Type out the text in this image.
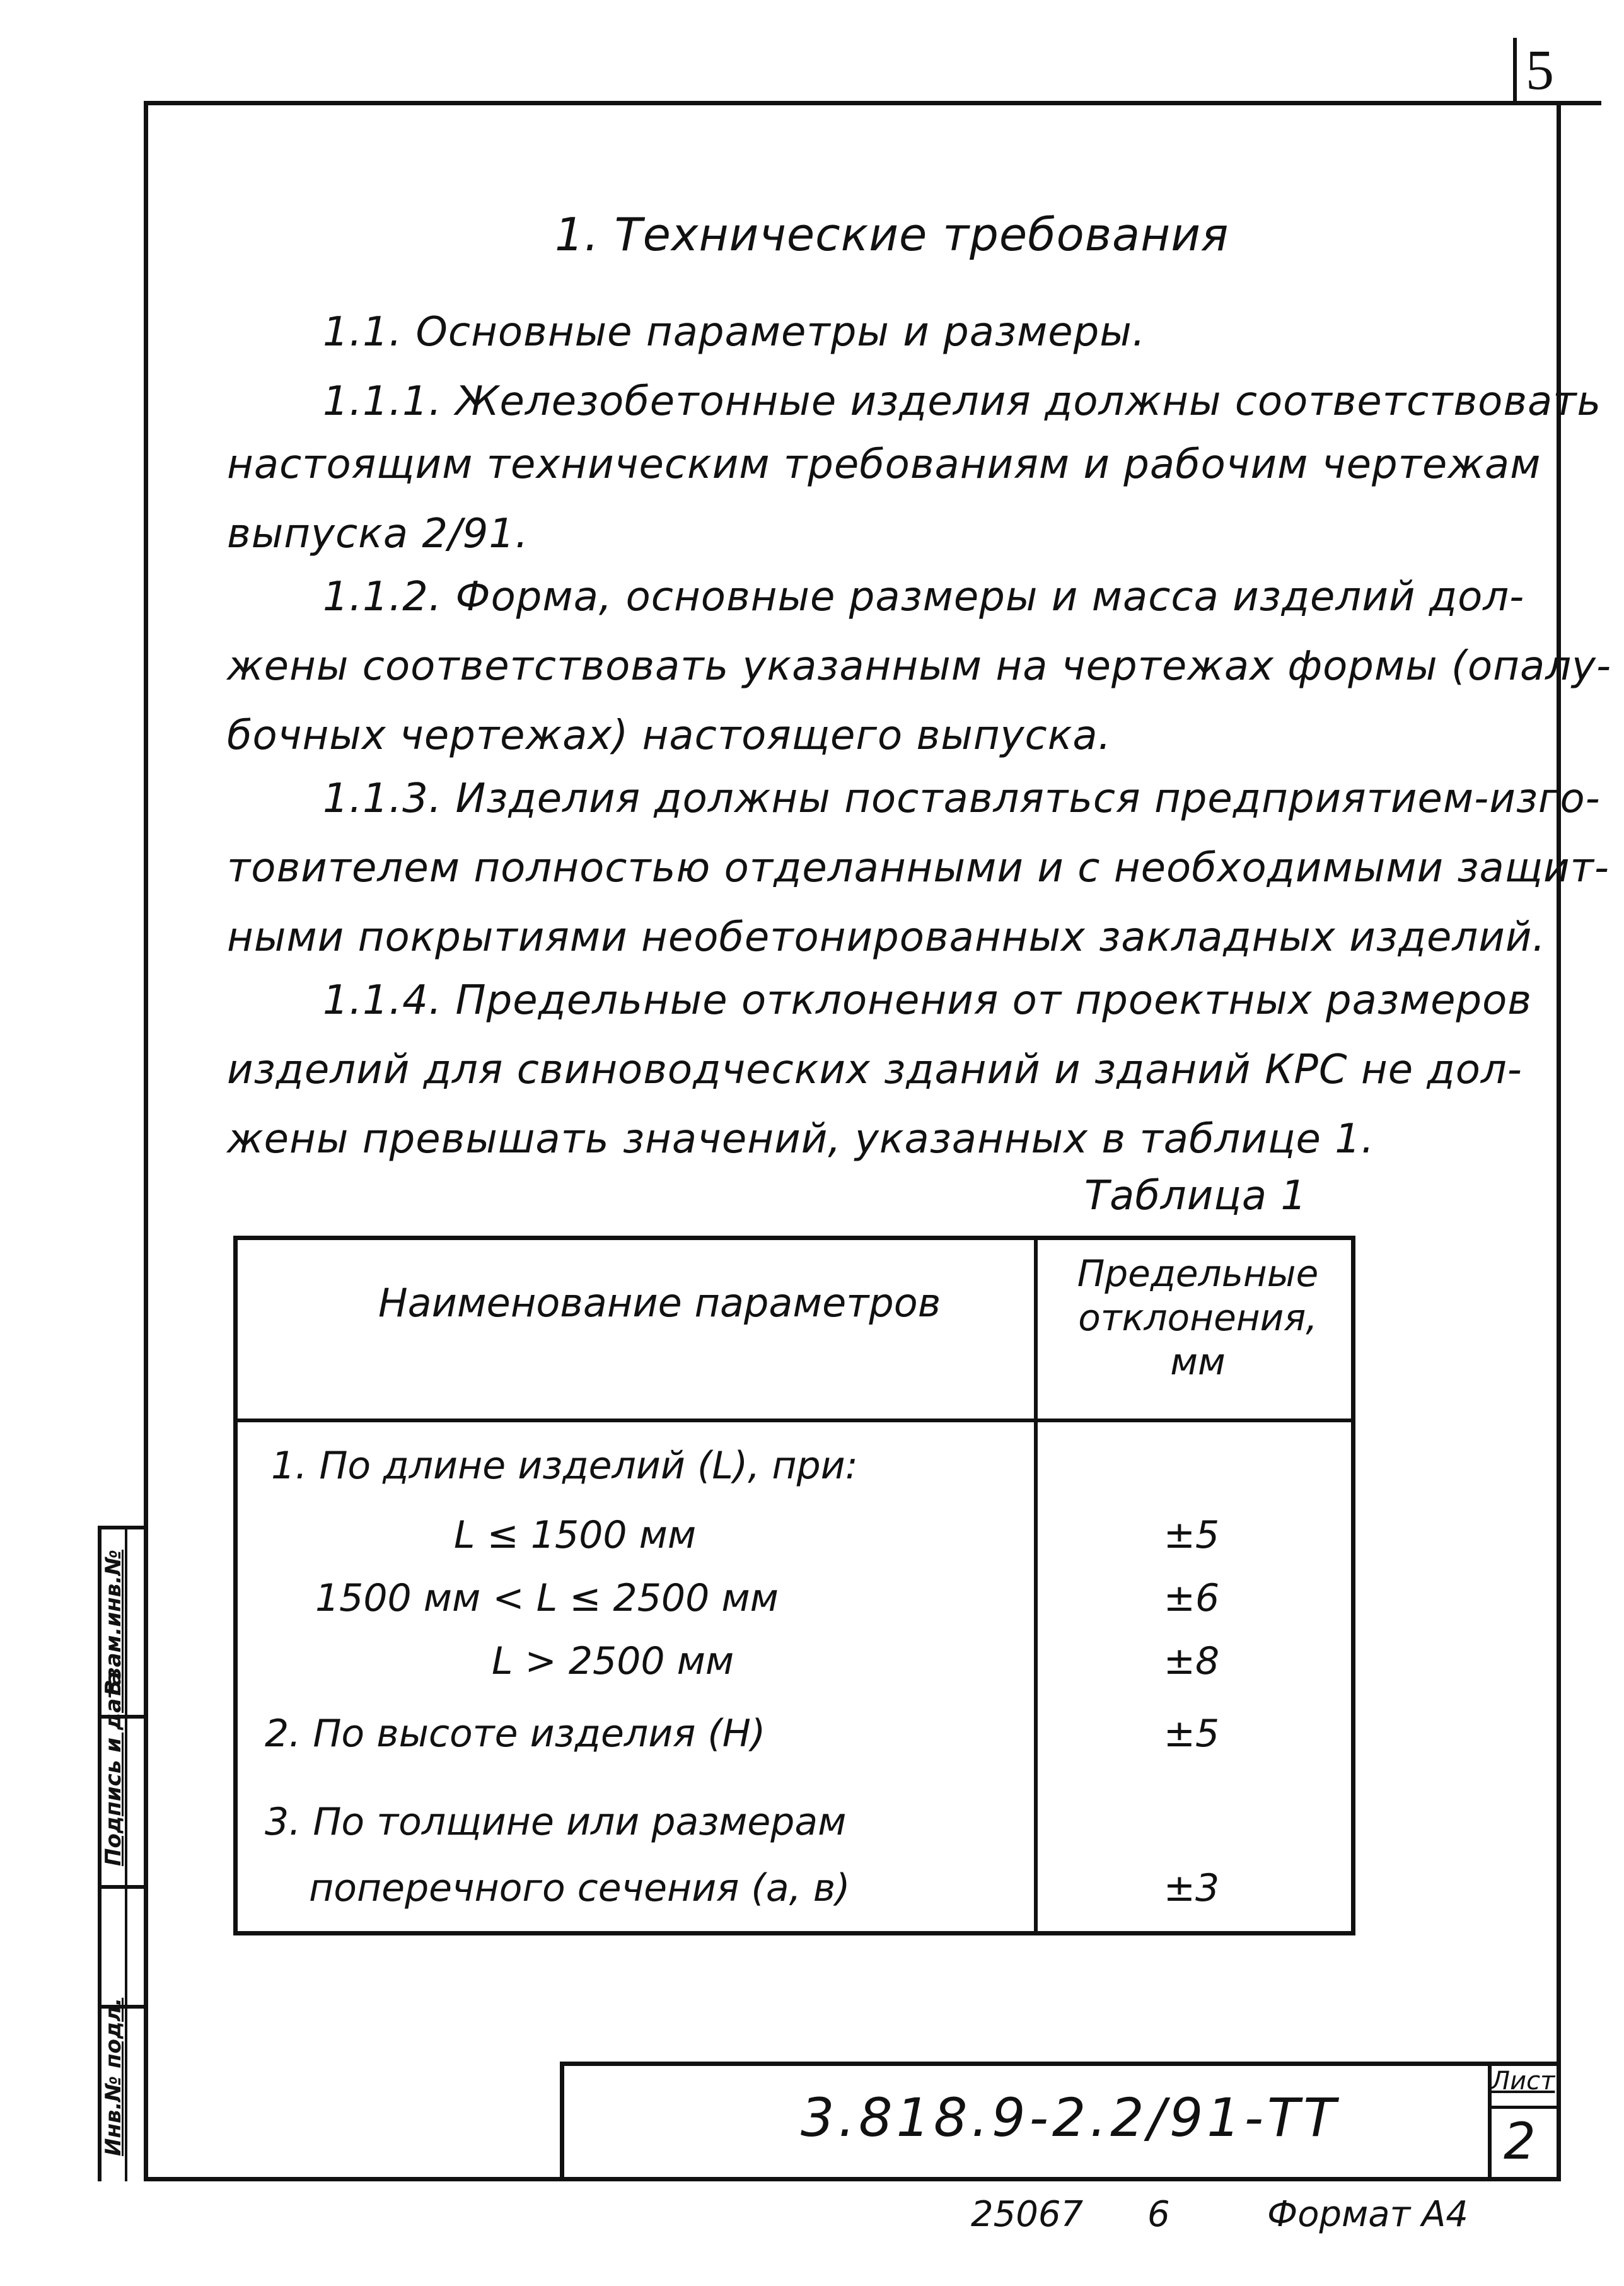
5
1. Технические требования
1.1. Основные параметры и размеры.
1.1.1. Железобетонные изделия должны соответствовать
настоящим техническим требованиям и рабочим чертежам
выпуска 2/91.
1.1.2. Форма, основные размеры и масса изделий дол-
жены соответствовать указанным на чертежах формы (опалу-
бочных чертежах) настоящего выпуска.
1.1.3. Изделия должны поставляться предприятием-изго-
товителем полностью отделанными и с необходимыми защит-
ными покрытиями необетонированных закладных изделий.
1.1.4. Предельные отклонения от проектных размеров
изделий для свиноводческих зданий и зданий КРС не дол-
жены превышать значений, указанных в таблице 1.
Таблица 1
Наименование параметров
Предельные отклонения, мм
1. По длине изделий (L), при:
L ≤ 1500 мм
1500 мм < L ≤ 2500 мм
L > 2500 мм
2. По высоте изделия (H)
3. По толщине или размерам
поперечного сечения (a, в)
±5
±6
±8
±5
±3
Взам.инв.№
Подпись и дата
Инв.№ подл.	3.818.9-2.2/91-ТТ
Лист
2
25067 6	Формат А4
